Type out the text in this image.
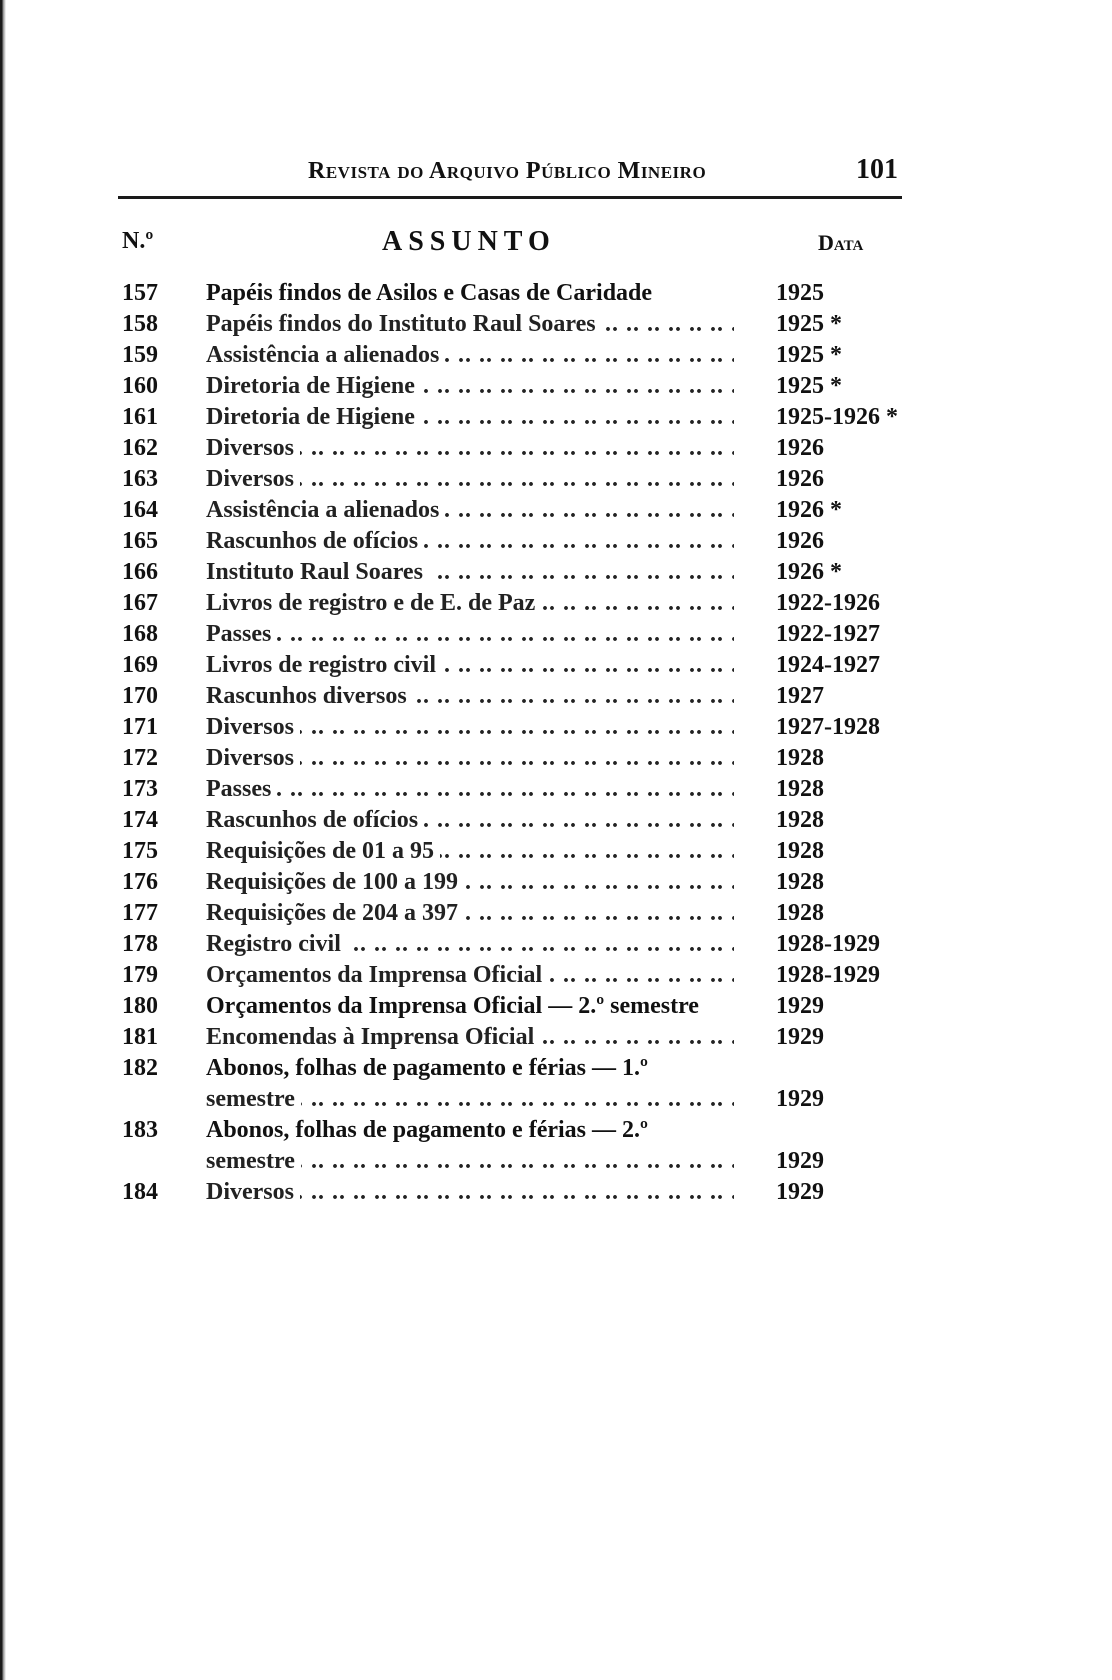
Revista do Arquivo Público Mineiro	101
N.º	ASSUNTO	Data
157 Papéis findos de Asilos e Casas de Caridade	1925
158 Papéis findos do Instituto Raul Soares .. ..	1925 *
159 Assistência a alienados .. ..	1925 *
160 Diretoria de Higiene .. ..	1925 *
161 Diretoria de Higiene .. ..	1925-1926 *
162 Diversos .. ..	1926
163 Diversos .. ..	1926
164 Assistência a alienados .. ..	1926 *
165 Rascunhos de ofícios .. ..	1926
166 Instituto Raul Soares .. ..	1926 *
167 Livros de registro e de E. de Paz .. ..	1922-1926
168 Passes .. ..	1922-1927
169 Livros de registro civil .. ..	1924-1927
170 Rascunhos diversos .. ..	1927
171 Diversos .. ..	1927-1928
172 Diversos .. ..	1928
173 Passes .. ..	1928
174 Rascunhos de ofícios .. ..	1928
175 Requisições de 01 a 95 .. ..	1928
176 Requisições de 100 a 199 .. ..	1928
177 Requisições de 204 a 397 .. ..	1928
178 Registro civil .. ..	1928-1929
179 Orçamentos da Imprensa Oficial .. ..	1928-1929
180 Orçamentos da Imprensa Oficial — 2.º semestre	1929
181 Encomendas à Imprensa Oficial .. ..	1929
182 Abonos, folhas de pagamento e férias — 1.º
semestre .. ..	1929
183 Abonos, folhas de pagamento e férias — 2.º
semestre .. ..	1929
184 Diversos .. ..	1929
